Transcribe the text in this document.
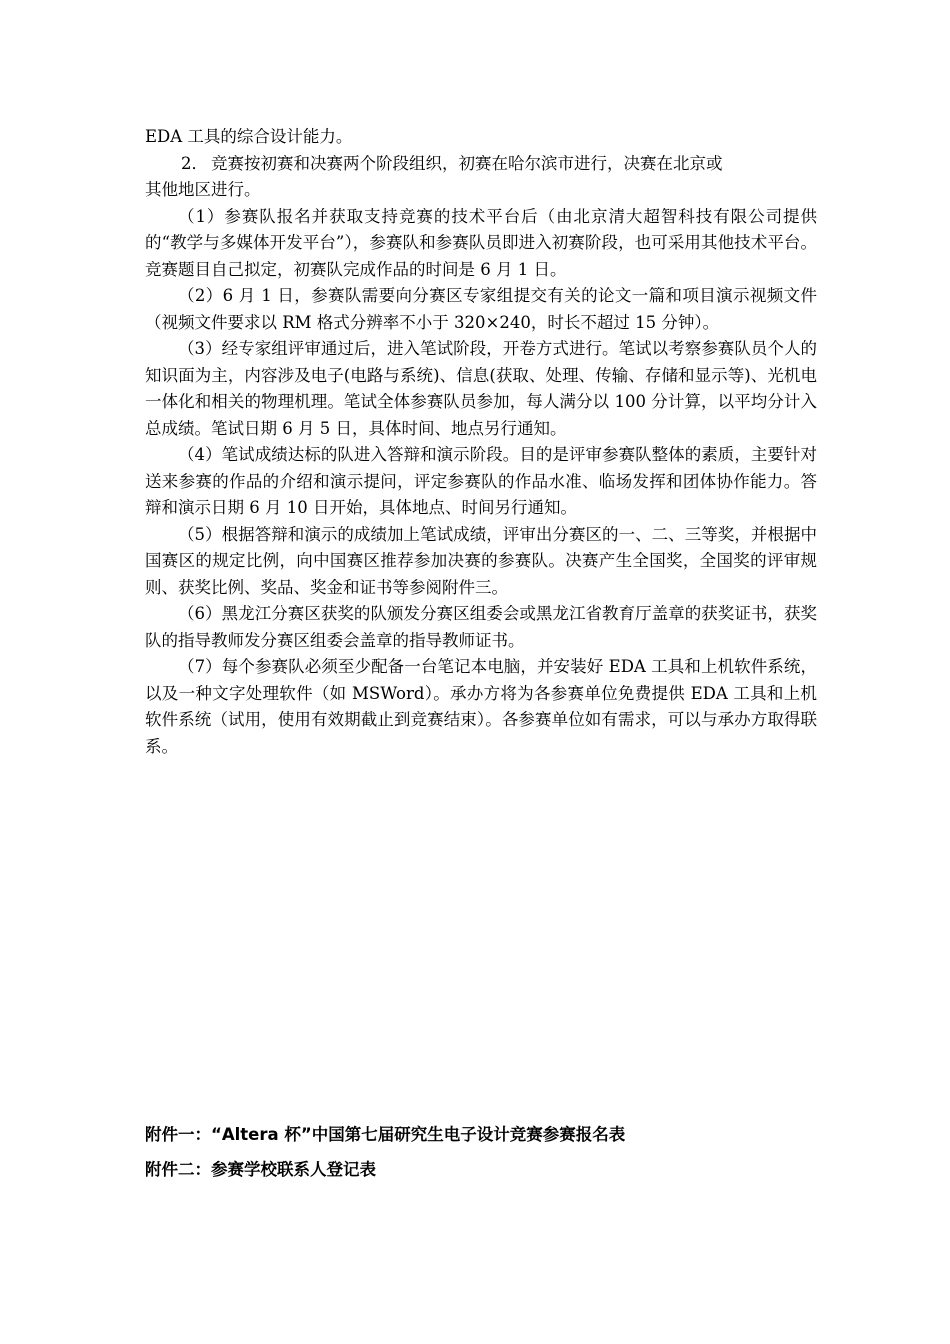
EDA 工具的综合设计能力。

2． 竞赛按初赛和决赛两个阶段组织，初赛在哈尔滨市进行，决赛在北京或

其他地区进行。

（1）参赛队报名并获取支持竞赛的技术平台后（由北京清大超智科技有限公司提供的“教学与多媒体开发平台”），参赛队和参赛队员即进入初赛阶段，也可采用其他技术平台。竞赛题目自己拟定，初赛队完成作品的时间是 6 月 1 日。

（2）6 月 1 日，参赛队需要向分赛区专家组提交有关的论文一篇和项目演示视频文件（视频文件要求以 RM 格式分辨率不小于 320×240，时长不超过 15 分钟）。

（3）经专家组评审通过后，进入笔试阶段，开卷方式进行。笔试以考察参赛队员个人的知识面为主，内容涉及电子(电路与系统)、信息(获取、处理、传输、存储和显示等)、光机电一体化和相关的物理机理。笔试全体参赛队员参加，每人满分以 100 分计算，以平均分计入总成绩。笔试日期 6 月 5 日，具体时间、地点另行通知。

（4）笔试成绩达标的队进入答辩和演示阶段。目的是评审参赛队整体的素质，主要针对送来参赛的作品的介绍和演示提问，评定参赛队的作品水准、临场发挥和团体协作能力。答辩和演示日期 6 月 10 日开始，具体地点、时间另行通知。

（5）根据答辩和演示的成绩加上笔试成绩，评审出分赛区的一、二、三等奖，并根据中国赛区的规定比例，向中国赛区推荐参加决赛的参赛队。决赛产生全国奖，全国奖的评审规则、获奖比例、奖品、奖金和证书等参阅附件三。

（6）黑龙江分赛区获奖的队颁发分赛区组委会或黑龙江省教育厅盖章的获奖证书，获奖队的指导教师发分赛区组委会盖章的指导教师证书。

（7）每个参赛队必须至少配备一台笔记本电脑，并安装好 EDA 工具和上机软件系统，以及一种文字处理软件（如 MSWord）。承办方将为各参赛单位免费提供 EDA 工具和上机软件系统（试用，使用有效期截止到竞赛结束）。各参赛单位如有需求，可以与承办方取得联系。

附件一：“Altera 杯”中国第七届研究生电子设计竞赛参赛报名表

附件二：参赛学校联系人登记表
